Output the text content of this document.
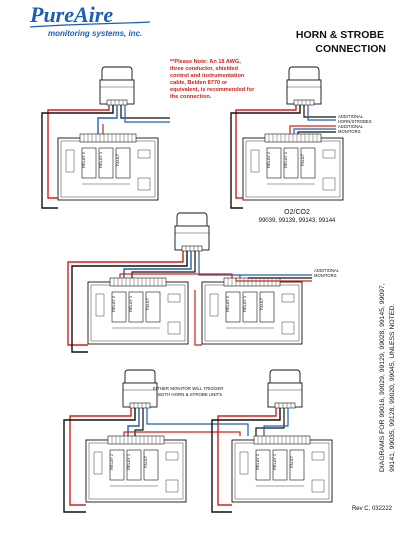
PureAire
monitoring systems, inc.	HORN & STROBE
CONNECTION
**Please Note: An 18 AWG,
three conductor, shielded
control and instrumentation
cable, Belden 8770 or
equivalent, is recommended for
the connection.
RELAY 2	RELAY 1	FAULT	RELAY 2	RELAY 1	FAULT
ADDITIONAL
HORN/STROBES
ADDITIONAL
MONITORS
O2/CO2
99039, 99139, 99143, 99144
ADDITIONAL
MONITORS
RELAY 2	RELAY 1	FAULT	RELAY 2	RELAY 1	FAULT
EITHER MONITOR WILL TRIGGER
BOTH HORN & STROBE UNITS
RELAY 2	RELAY 1	FAULT	RELAY 2	RELAY 1	FAULT	DIAGRAMS FOR 99016, 99029, 99129, 99028, 99145, 99097, 99141, 99035, 99128, 99020, 99045, UNLESS NOTED.
Rev C, 032222
